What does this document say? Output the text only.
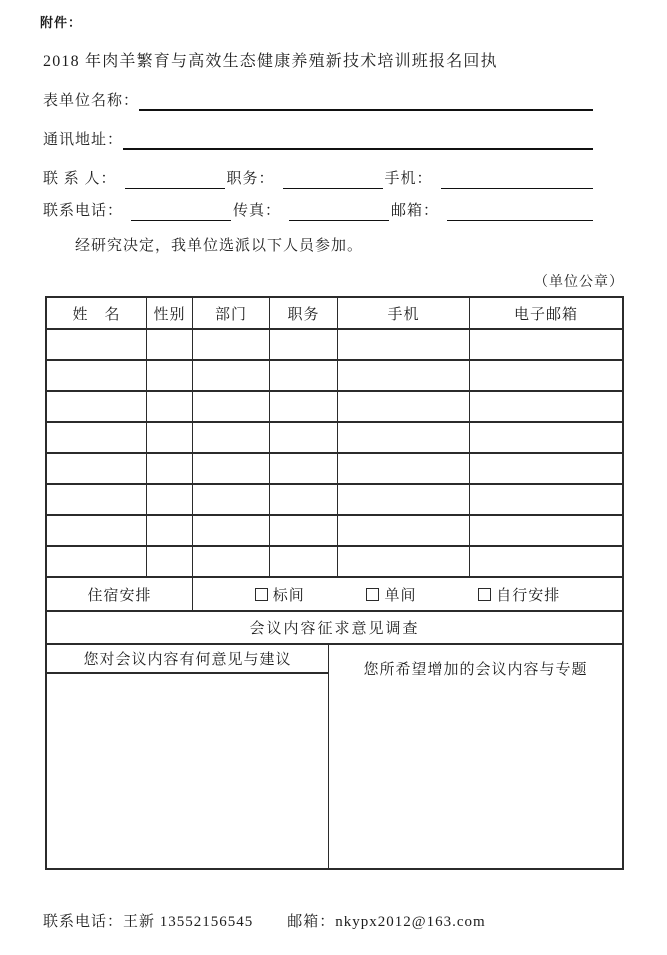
附件：
2018 年肉羊繁育与高效生态健康养殖新技术培训班报名回执
表单位名称：
通讯地址：
联 系 人：	职务：	手机：
联系电话：	传真：	邮箱：
经研究决定，我单位选派以下人员参加。
（单位公章）
姓　名	性别	部门	职务	手机	电子邮箱
住宿安排	标间	单间	自行安排
会议内容征求意见调查
您对会议内容有何意见与建议
您所希望增加的会议内容与专题
联系电话：王新 13552156545 邮箱：nkypx2012@163.com
